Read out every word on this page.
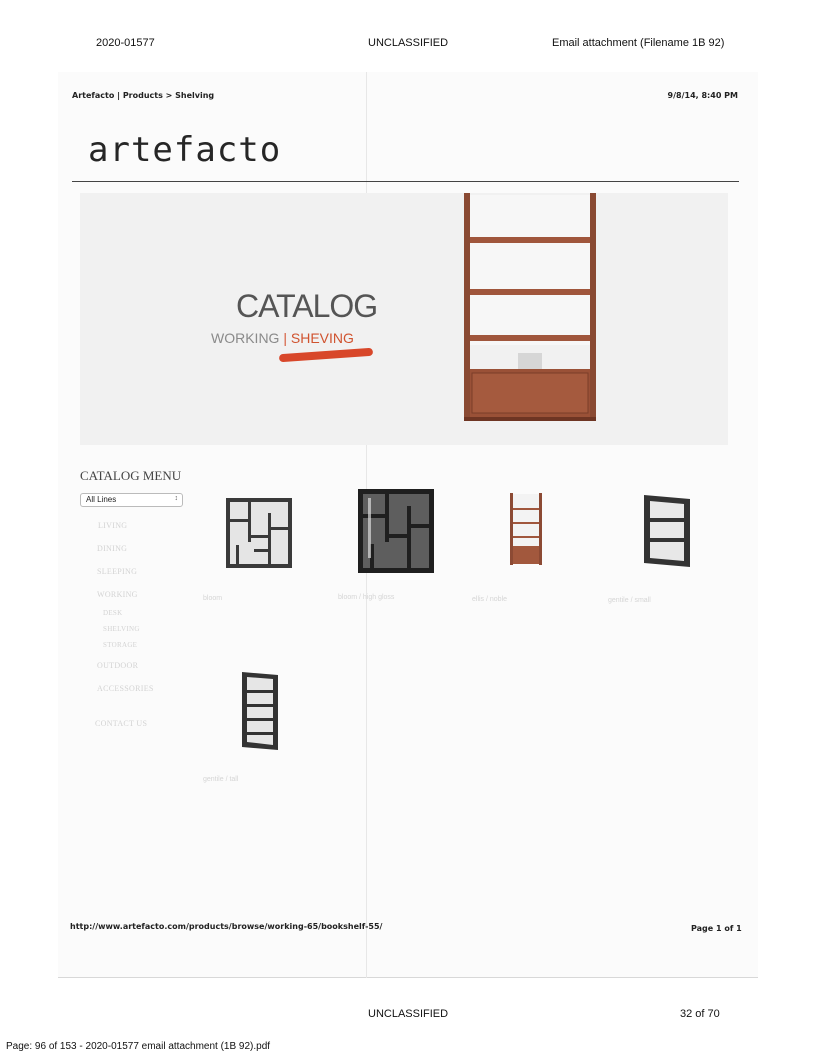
2020-01577	UNCLASSIFIED	Email attachment (Filename 1B 92)
Artefacto | Products > Shelving	9/8/14, 8:40 PM
artefacto
CATALOG
WORKING | SHEVING
CATALOG MENU
All Lines	↕
LIVING
DINING
SLEEPING
WORKING
DESK
SHELVING
STORAGE
OUTDOOR
ACCESSORIES
CONTACT US
bloom	bloom / high gloss	ellis / noble	gentile / small
gentile / tall
http://www.artefacto.com/products/browse/working-65/bookshelf-55/	Page 1 of 1
UNCLASSIFIED	32 of 70
Page: 96 of 153 - 2020-01577 email attachment (1B 92).pdf
